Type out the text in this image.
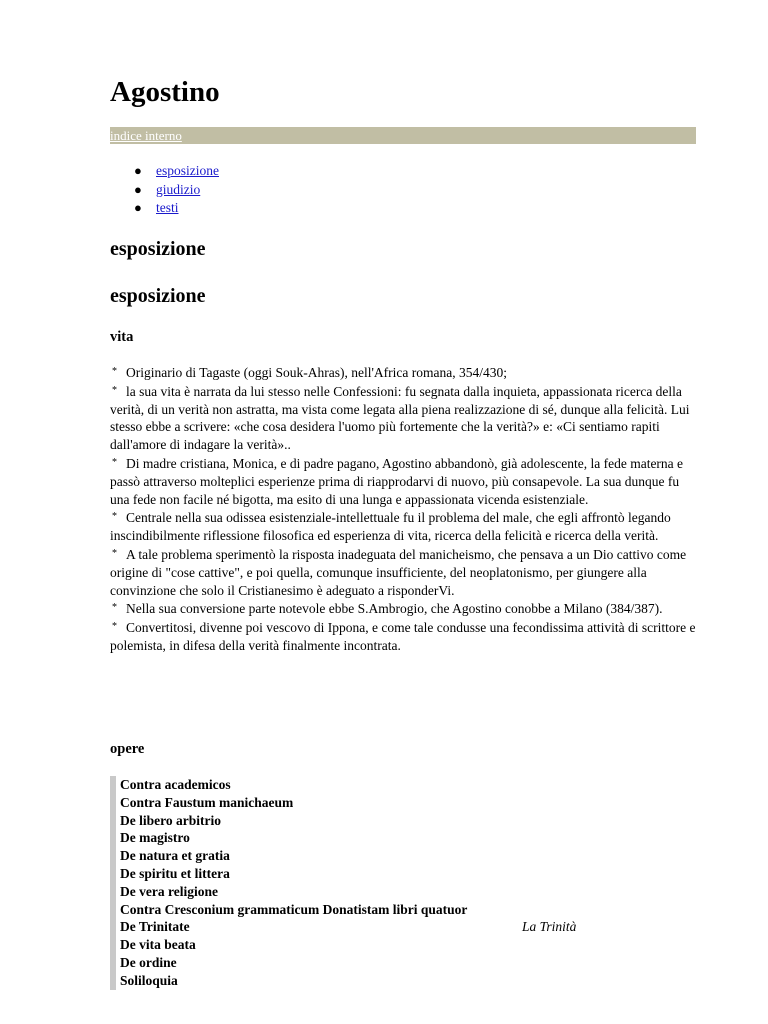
Agostino
indice interno
● esposizione
● giudizio
● testi
esposizione
esposizione
vita

* Originario di Tagaste (oggi Souk-Ahras), nell'Africa romana, 354/430;

* la sua vita è narrata da lui stesso nelle Confessioni: fu segnata dalla inquieta, appassionata ricerca della verità, di un verità non astratta, ma vista come legata alla piena realizzazione di sé, dunque alla felicità. Lui stesso ebbe a scrivere: «che cosa desidera l'uomo più fortemente che la verità?» e: «Ci sentiamo rapiti dall'amore di indagare la verità»..

* Di madre cristiana, Monica, e di padre pagano, Agostino abbandonò, già adolescente, la fede materna e passò attraverso molteplici esperienze prima di riapprodarvi di nuovo, più consapevole. La sua dunque fu una fede non facile né bigotta, ma esito di una lunga e appassionata vicenda esistenziale.

* Centrale nella sua odissea esistenziale-intellettuale fu il problema del male, che egli affrontò legando inscindibilmente riflessione filosofica ed esperienza di vita, ricerca della felicità e ricerca della verità.

* A tale problema sperimentò la risposta inadeguata del manicheismo, che pensava a un Dio cattivo come origine di "cose cattive", e poi quella, comunque insufficiente, del neoplatonismo, per giungere alla convinzione che solo il Cristianesimo è adeguato a risponderVi.

* Nella sua conversione parte notevole ebbe S.Ambrogio, che Agostino conobbe a Milano (384/387).

* Convertitosi, divenne poi vescovo di Ippona, e come tale condusse una fecondissima attività di scrittore e polemista, in difesa della verità finalmente incontrata.

opere
Contra academicos
Contra Faustum manichaeum
De libero arbitrio
De magistro
De natura et gratia
De spiritu et littera
De vera religione
Contra Cresconium grammaticum Donatistam libri quatuor
De Trinitate	La Trinità
De vita beata
De ordine
Soliloquia
